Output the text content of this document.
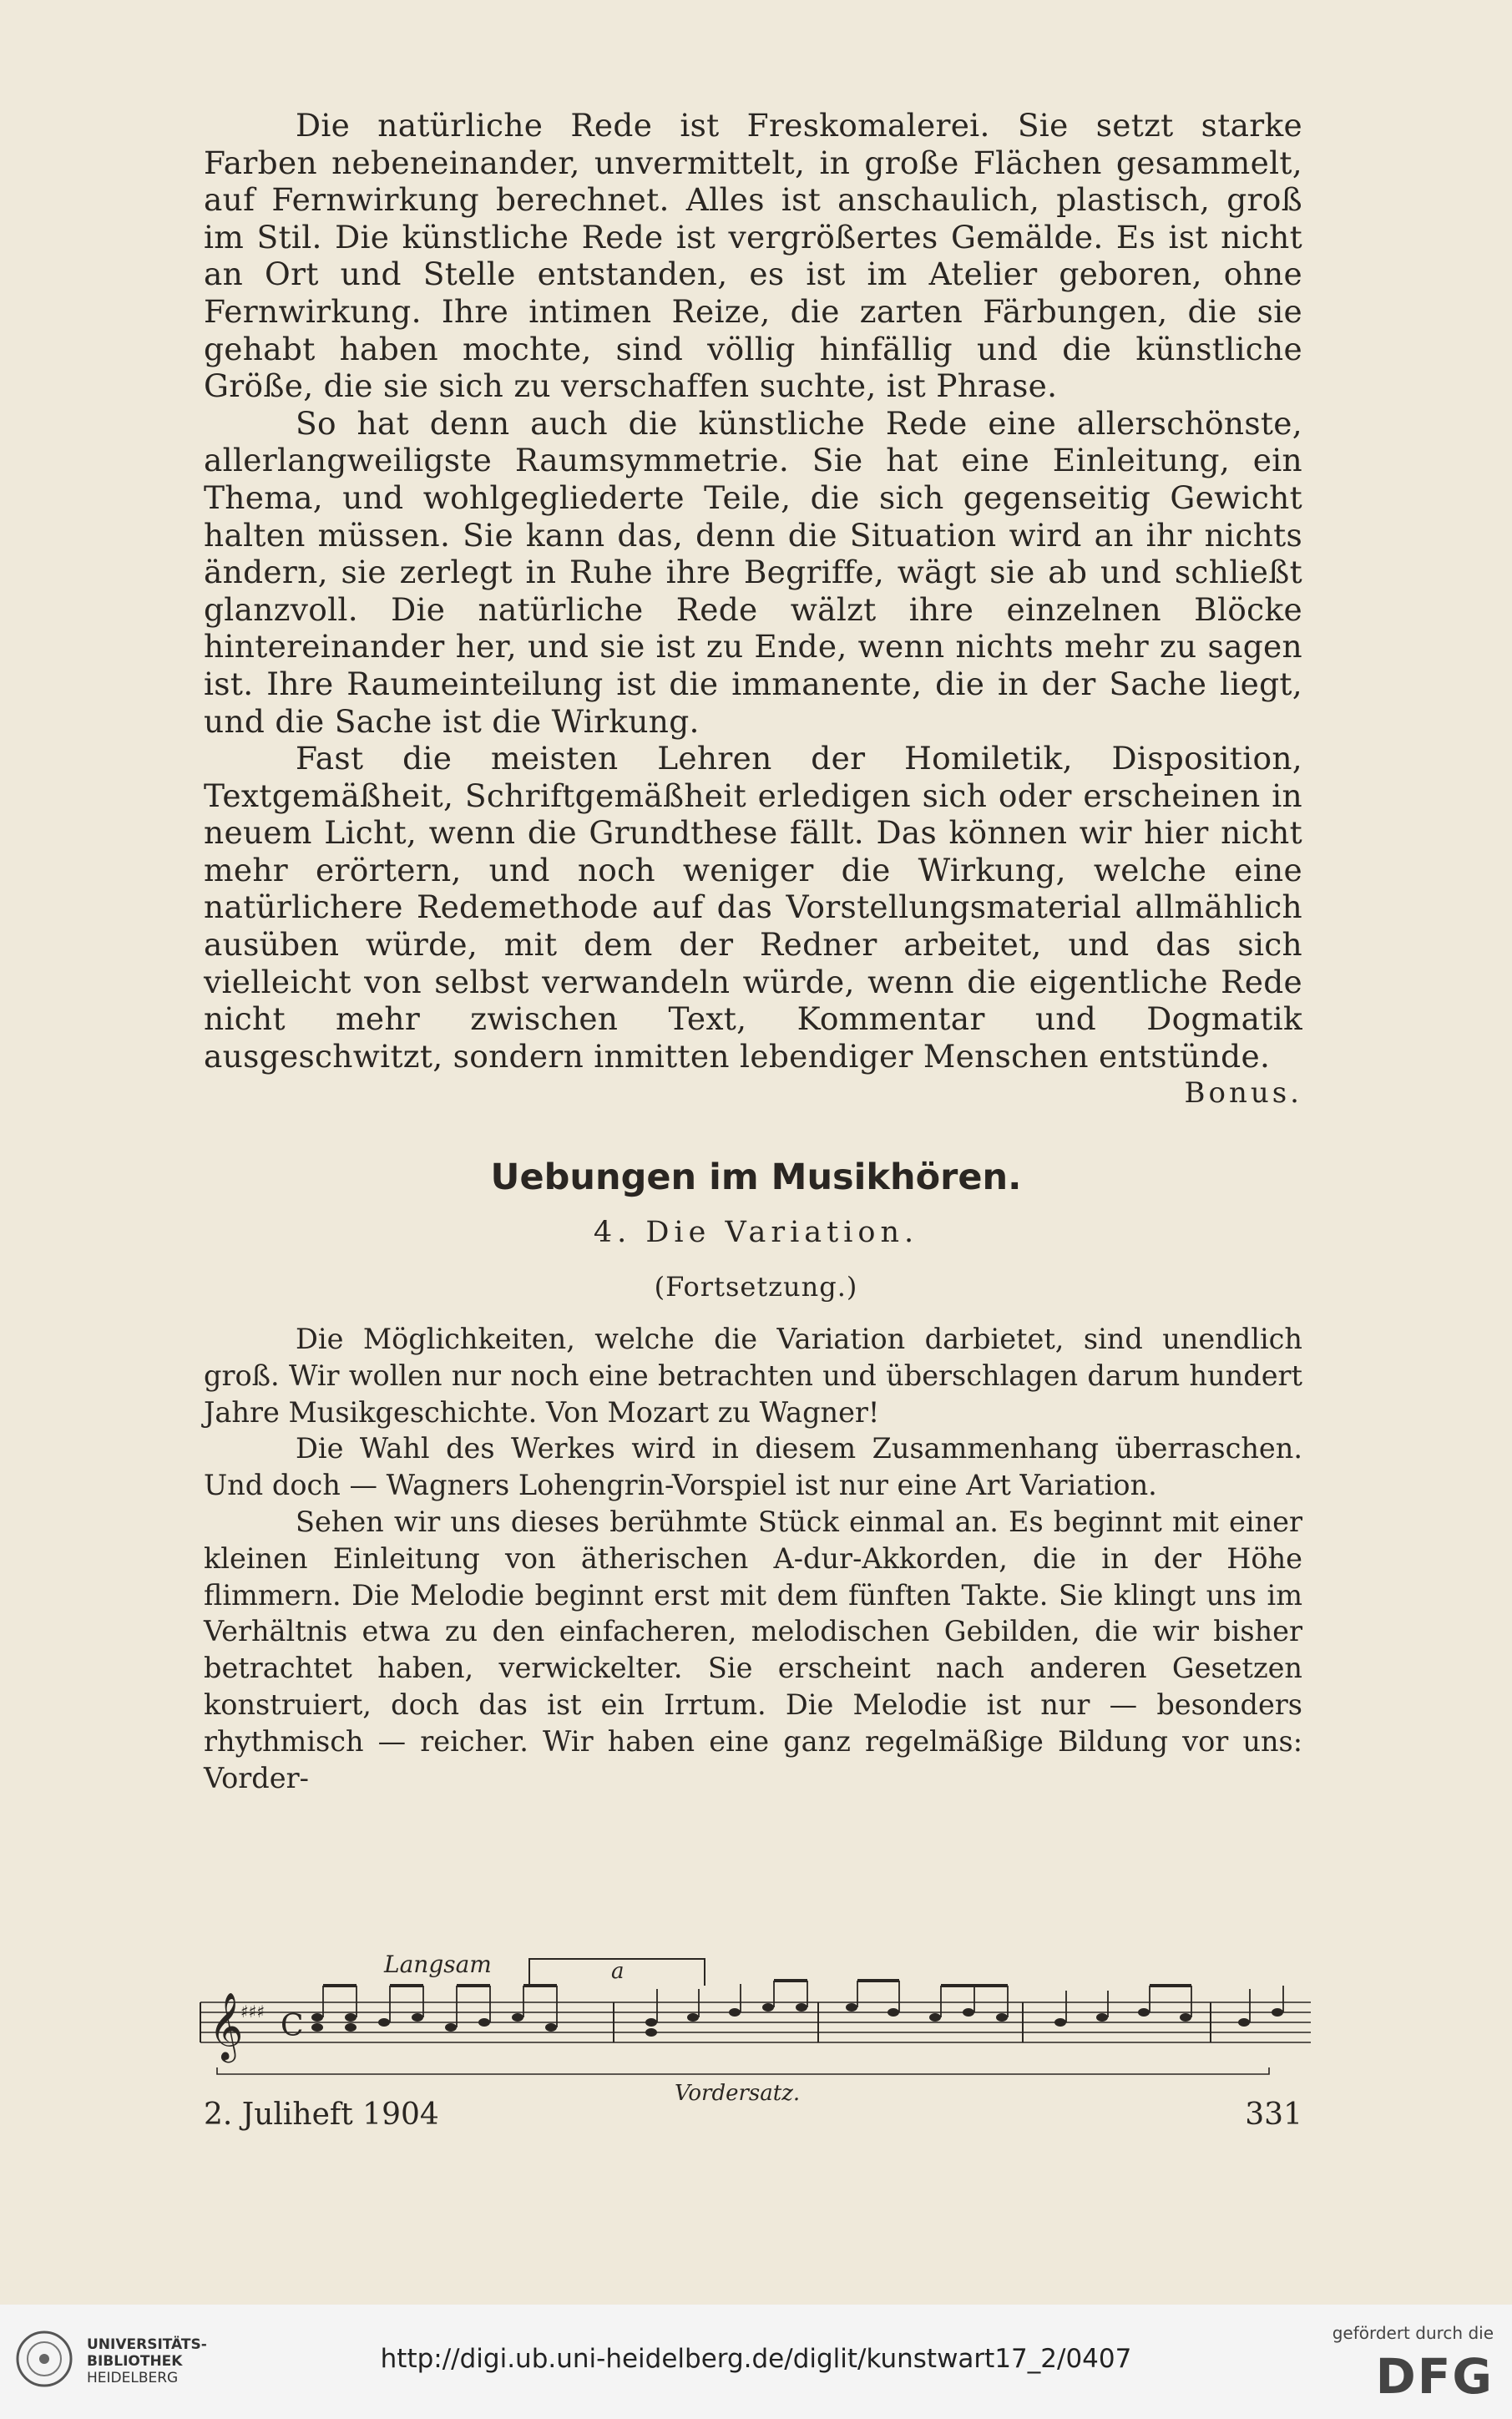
Die natürliche Rede ist Freskomalerei. Sie setzt starke Farben nebeneinander, unvermittelt, in große Flächen gesammelt, auf Fernwirkung berechnet. Alles ist anschaulich, plastisch, groß im Stil. Die künstliche Rede ist vergrößertes Gemälde. Es ist nicht an Ort und Stelle entstanden, es ist im Atelier geboren, ohne Fernwirkung. Ihre intimen Reize, die zarten Färbungen, die sie gehabt haben mochte, sind völlig hinfällig und die künstliche Größe, die sie sich zu verschaffen suchte, ist Phrase.

So hat denn auch die künstliche Rede eine allerschönste, allerlangweiligste Raumsymmetrie. Sie hat eine Einleitung, ein Thema, und wohlgegliederte Teile, die sich gegenseitig Gewicht halten müssen. Sie kann das, denn die Situation wird an ihr nichts ändern, sie zerlegt in Ruhe ihre Begriffe, wägt sie ab und schließt glanzvoll. Die natürliche Rede wälzt ihre einzelnen Blöcke hintereinander her, und sie ist zu Ende, wenn nichts mehr zu sagen ist. Ihre Raumeinteilung ist die immanente, die in der Sache liegt, und die Sache ist die Wirkung.

Fast die meisten Lehren der Homiletik, Disposition, Textgemäßheit, Schriftgemäßheit erledigen sich oder erscheinen in neuem Licht, wenn die Grundthese fällt. Das können wir hier nicht mehr erörtern, und noch weniger die Wirkung, welche eine natürlichere Redemethode auf das Vorstellungsmaterial allmählich ausüben würde, mit dem der Redner arbeitet, und das sich vielleicht von selbst verwandeln würde, wenn die eigentliche Rede nicht mehr zwischen Text, Kommentar und Dogmatik ausgeschwitzt, sondern inmitten lebendiger Menschen entstünde.

Bonus.
Uebungen im Musikhören.
4. Die Variation.
(Fortsetzung.)

Die Möglichkeiten, welche die Variation darbietet, sind unendlich groß. Wir wollen nur noch eine betrachten und überschlagen darum hundert Jahre Musikgeschichte. Von Mozart zu Wagner!

Die Wahl des Werkes wird in diesem Zusammenhang überraschen. Und doch — Wagners Lohengrin-Vorspiel ist nur eine Art Variation.

Sehen wir uns dieses berühmte Stück einmal an. Es beginnt mit einer kleinen Einleitung von ätherischen A-dur-Akkorden, die in der Höhe flimmern. Die Melodie beginnt erst mit dem fünften Takte. Sie klingt uns im Verhältnis etwa zu den einfacheren, melodischen Gebilden, die wir bisher betrachtet haben, verwickelter. Sie erscheint nach anderen Gesetzen konstruiert, doch das ist ein Irrtum. Die Melodie ist nur — besonders rhythmisch — reicher. Wir haben eine ganz regelmäßige Bildung vor uns: Vorder-

Langsam	a
𝄞
♯♯♯ C
Vordersatz.
2. Juliheft 1904	331
UNIVERSITÄTS-
BIBLIOTHEK
HEIDELBERG
http://digi.ub.uni-heidelberg.de/diglit/kunstwart17_2/0407
gefördert durch die
DFG
